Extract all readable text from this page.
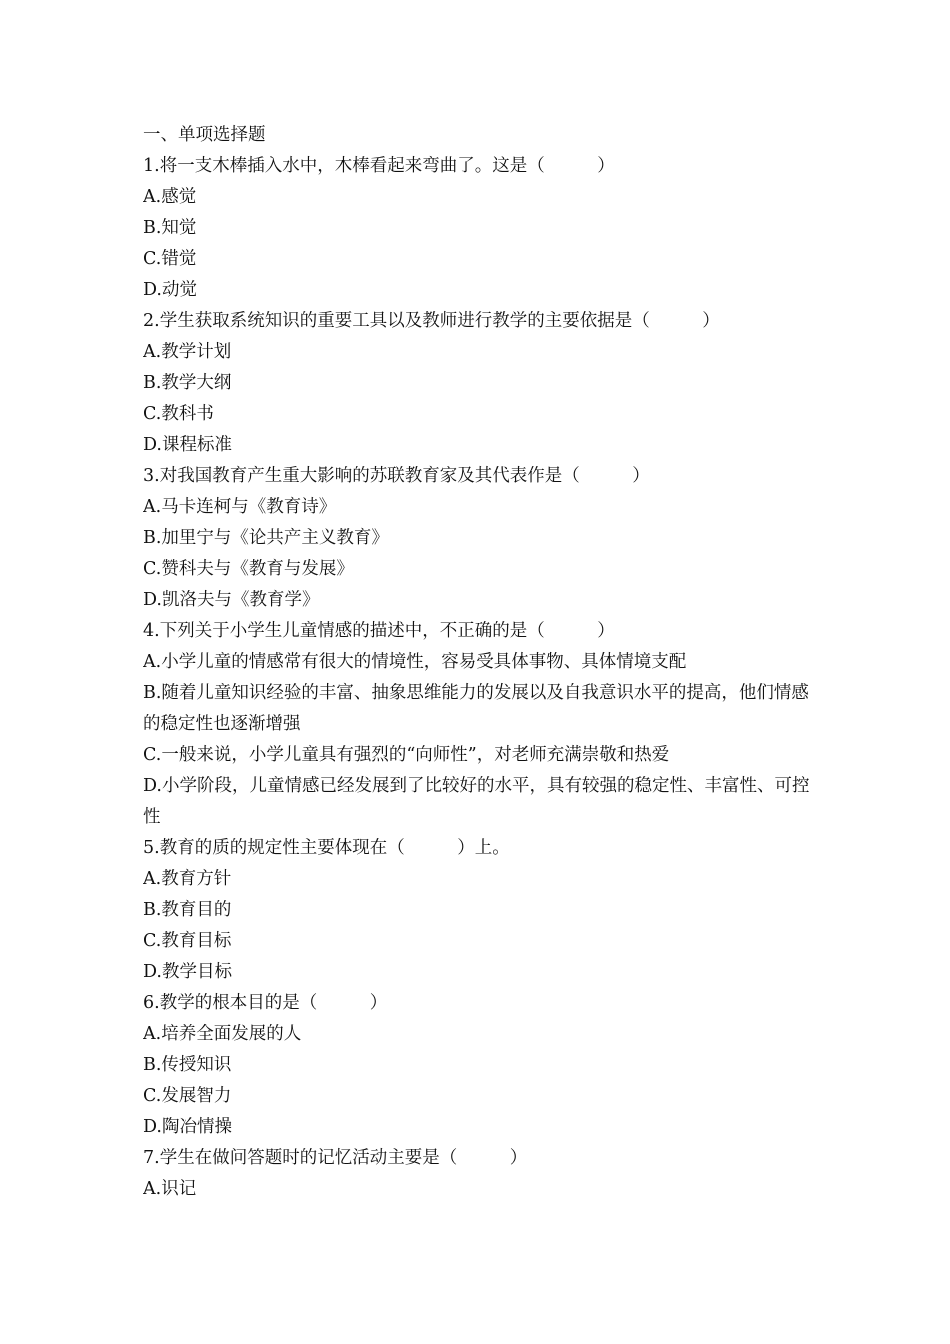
一、单项选择题
1.将一支木棒插入水中，木棒看起来弯曲了。这是（　　　）
A.感觉
B.知觉
C.错觉
D.动觉
2.学生获取系统知识的重要工具以及教师进行教学的主要依据是（　　　）
A.教学计划
B.教学大纲
C.教科书
D.课程标准
3.对我国教育产生重大影响的苏联教育家及其代表作是（　　　）
A.马卡连柯与《教育诗》
B.加里宁与《论共产主义教育》
C.赞科夫与《教育与发展》
D.凯洛夫与《教育学》
4.下列关于小学生儿童情感的描述中，不正确的是（　　　）
A.小学儿童的情感常有很大的情境性，容易受具体事物、具体情境支配
B.随着儿童知识经验的丰富、抽象思维能力的发展以及自我意识水平的提高，他们情感的稳定性也逐渐增强
C.一般来说，小学儿童具有强烈的“向师性”，对老师充满崇敬和热爱
D.小学阶段，儿童情感已经发展到了比较好的水平，具有较强的稳定性、丰富性、可控性
5.教育的质的规定性主要体现在（　　　）上。
A.教育方针
B.教育目的
C.教育目标
D.教学目标
6.教学的根本目的是（　　　）
A.培养全面发展的人
B.传授知识
C.发展智力
D.陶冶情操
7.学生在做问答题时的记忆活动主要是（　　　）
A.识记
